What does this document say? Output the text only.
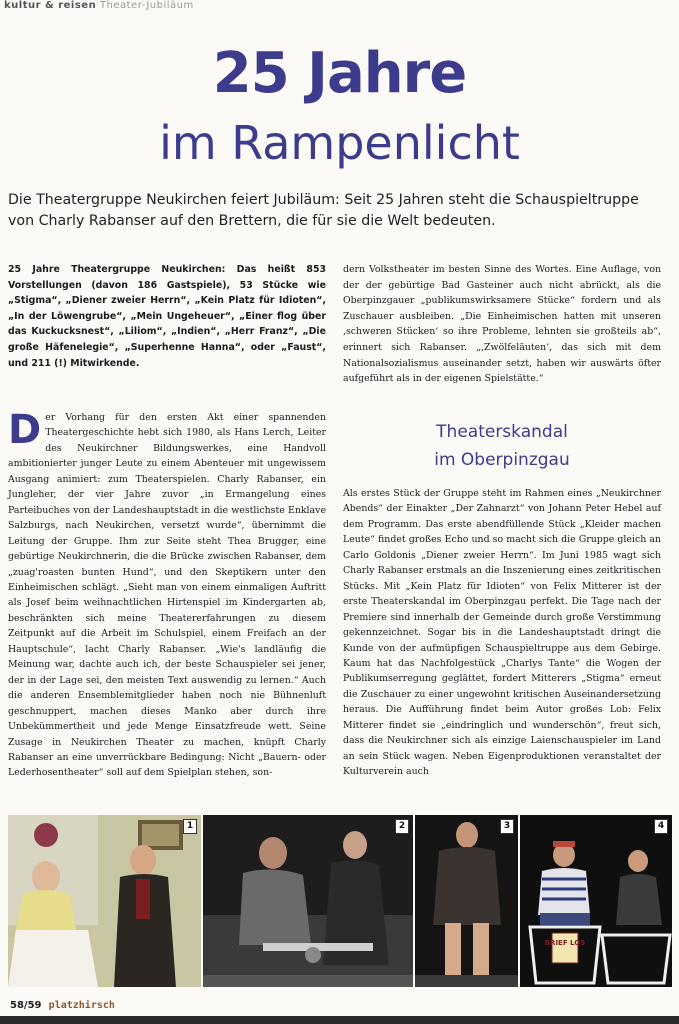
kultur & reisen Theater-Jubiläum
25 Jahre
im Rampenlicht
Die Theatergruppe Neukirchen feiert Jubiläum: Seit 25 Jahren steht die Schauspieltruppe von Charly Rabanser auf den Brettern, die für sie die Welt bedeuten.
25 Jahre Theatergruppe Neukirchen: Das heißt 853 Vorstellungen (davon 186 Gastspiele), 53 Stücke wie „Stigma“, „Diener zweier Herrn“, „Kein Platz für Idioten“, „In der Löwengrube“, „Mein Ungeheuer“, „Einer flog über das Kuckucksnest“, „Liliom“, „Indien“, „Herr Franz“, „Die große Häfenelegie“, „Superhenne Hanna“, oder „Faust“, und 211 (!) Mitwirkende.
Der Vorhang für den ersten Akt einer spannenden Theatergeschichte hebt sich 1980, als Hans Lerch, Leiter des Neukirchner Bildungswerkes, eine Handvoll ambitionierter junger Leute zu einem Abenteuer mit ungewissem Ausgang animiert: zum Theaterspielen. Charly Rabanser, ein Jungleher, der vier Jahre zuvor „in Ermangelung eines Parteibuches von der Landeshauptstadt in die westlichste Enklave Salzburgs, nach Neukirchen, versetzt wurde“, übernimmt die Leitung der Gruppe. Ihm zur Seite steht Thea Brugger, eine gebürtige Neukirchnerin, die die Brücke zwischen Rabanser, dem „zuag'roasten bunten Hund“, und den Skeptikern unter den Einheimischen schlägt. „Sieht man von einem einmaligen Auftritt als Josef beim weihnachtlichen Hirtenspiel im Kindergarten ab, beschränkten sich meine Theatererfahrungen zu diesem Zeitpunkt auf die Arbeit im Schulspiel, einem Freifach an der Hauptschule“, lacht Charly Rabanser. „Wie's landläufig die Meinung war, dachte auch ich, der beste Schauspieler sei jener, der in der Lage sei, den meisten Text auswendig zu lernen.“ Auch die anderen Ensemblemitglieder haben noch nie Bühnenluft geschnuppert, machen dieses Manko aber durch ihre Unbekümmertheit und jede Menge Einsatzfreude wett. Seine Zusage in Neukirchen Theater zu machen, knüpft Charly Rabanser an eine unverrückbare Bedingung: Nicht „Bauern- oder Lederhosentheater“ soll auf dem Spielplan stehen, son-
dern Volkstheater im besten Sinne des Wortes. Eine Auflage, von der der gebürtige Bad Gasteiner auch nicht abrückt, als die Oberpinzgauer „publikumswirksamere Stücke“ fordern und als Zuschauer ausbleiben. „Die Einheimischen hatten mit unseren ‚schweren Stücken‘ so ihre Probleme, lehnten sie großteils ab“, erinnert sich Rabanser. „‚Zwölfeläuten‘, das sich mit dem Nationalsozialismus auseinander setzt, haben wir auswärts öfter aufgeführt als in der eigenen Spielstätte.“
Theaterskandal
im Oberpinzgau
Als erstes Stück der Gruppe steht im Rahmen eines „Neukirchner Abends“ der Einakter „Der Zahnarzt“ von Johann Peter Hebel auf dem Programm. Das erste abendfüllende Stück „Kleider machen Leute“ findet großes Echo und so macht sich die Gruppe gleich an Carlo Goldonis „Diener zweier Herrn“. Im Juni 1985 wagt sich Charly Rabanser erstmals an die Inszenierung eines zeitkritischen Stücks. Mit „Kein Platz für Idioten“ von Felix Mitterer ist der erste Theaterskandal im Oberpinzgau perfekt. Die Tage nach der Premiere sind innerhalb der Gemeinde durch große Verstimmung gekennzeichnet. Sogar bis in die Landeshauptstadt dringt die Kunde von der aufmüpfigen Schauspieltruppe aus dem Gebirge. Kaum hat das Nachfolgestück „Charlys Tante“ die Wogen der Publikumserregung geglättet, fordert Mitterers „Stigma“ erneut die Zuschauer zu einer ungewohnt kritischen Auseinandersetzung heraus. Die Aufführung findet beim Autor großes Lob: Felix Mitterer findet sie „eindringlich und wunderschön“, freut sich, dass die Neukirchner sich als einzige Laienschauspieler im Land an sein Stück wagen. Neben Eigenproduktionen veranstaltet der Kulturverein auch
1	2	3
BRIEF LOS
4
58/59 platzhirsch
